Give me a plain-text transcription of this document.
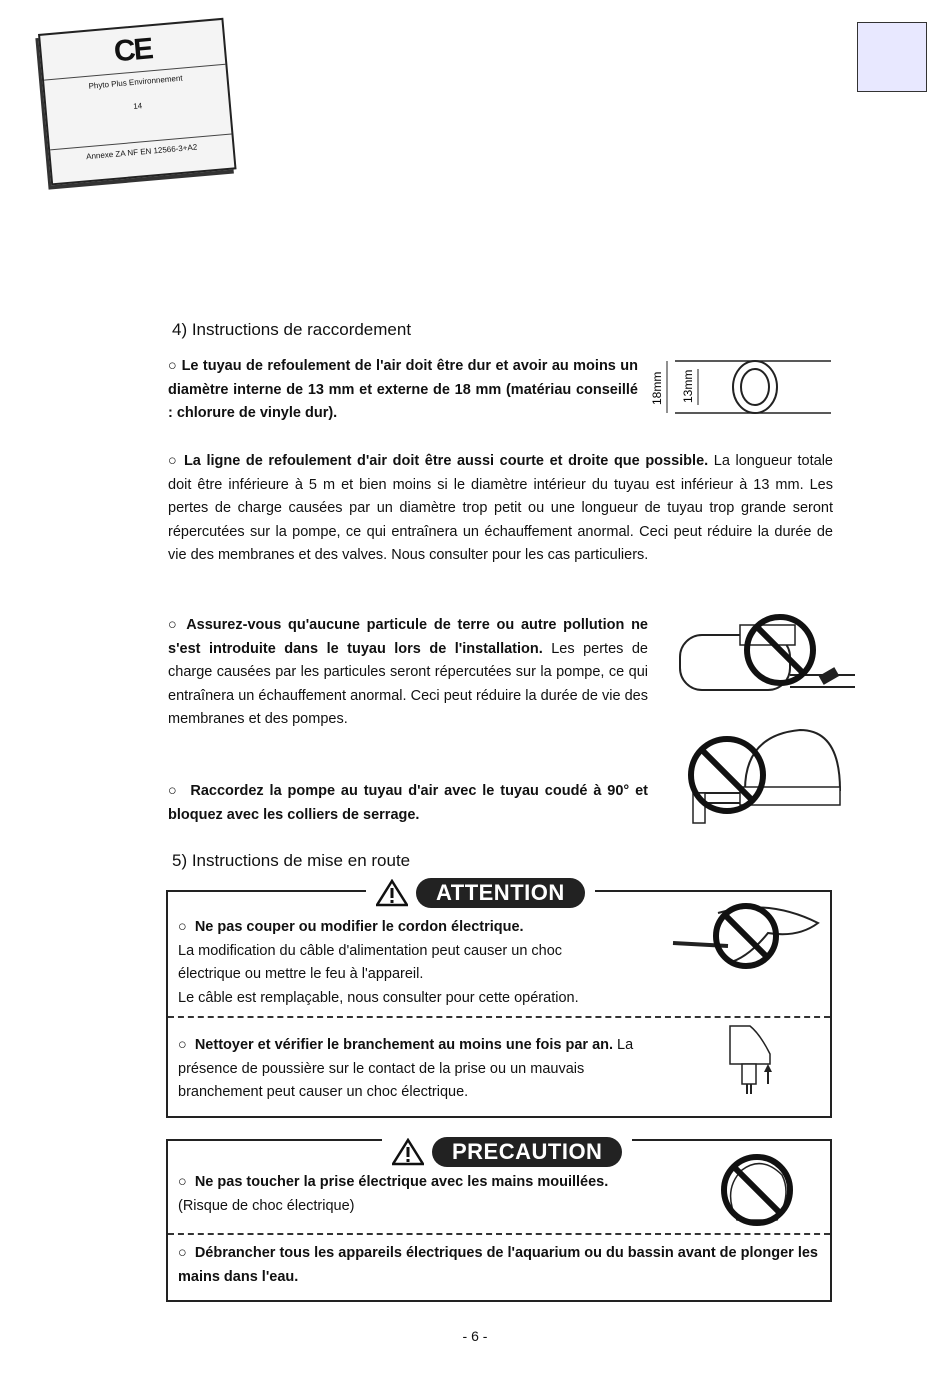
CE
Phyto Plus Environnement
14
Annexe ZA NF EN 12566-3+A2
4) Instructions de raccordement
○ Le tuyau de refoulement de l'air doit être dur et avoir au moins un diamètre interne de 13 mm et externe de 18 mm (matériau conseillé : chlorure de vinyle dur).
18mm 13mm
○ La ligne de refoulement d'air doit être aussi courte et droite que possible. La longueur totale doit être inférieure à 5 m et bien moins si le diamètre intérieur du tuyau est inférieur à 13 mm. Les pertes de charge causées par un diamètre trop petit ou une longueur de tuyau trop grande seront répercutées sur la pompe, ce qui entraînera un échauffement anormal. Ceci peut réduire la durée de vie des membranes et des valves. Nous consulter pour les cas particuliers.
○ Assurez-vous qu'aucune particule de terre ou autre pollution ne s'est introduite dans le tuyau lors de l'installation. Les pertes de charge causées par les particules seront répercutées sur la pompe, ce qui entraînera un échauffement anormal. Ceci peut réduire la durée de vie des membranes et des pompes.
○  Raccordez la pompe au tuyau d'air avec le tuyau coudé à 90° et bloquez avec les colliers de serrage.
5) Instructions de mise en route
ATTENTION
○  Ne pas couper ou modifier le cordon électrique.
La modification du câble d'alimentation peut causer un choc
électrique ou mettre le feu à l'appareil.
Le câble est remplaçable, nous consulter pour cette opération.
○  Nettoyer et vérifier le branchement au moins une fois par an. La présence de poussière sur le contact de la prise ou un mauvais branchement peut causer un choc électrique.
PRECAUTION
○  Ne pas toucher la prise électrique avec les mains mouillées.
(Risque de choc électrique)
○  Débrancher tous les appareils électriques de l'aquarium ou du bassin avant de plonger les mains dans l'eau.
- 6 -
